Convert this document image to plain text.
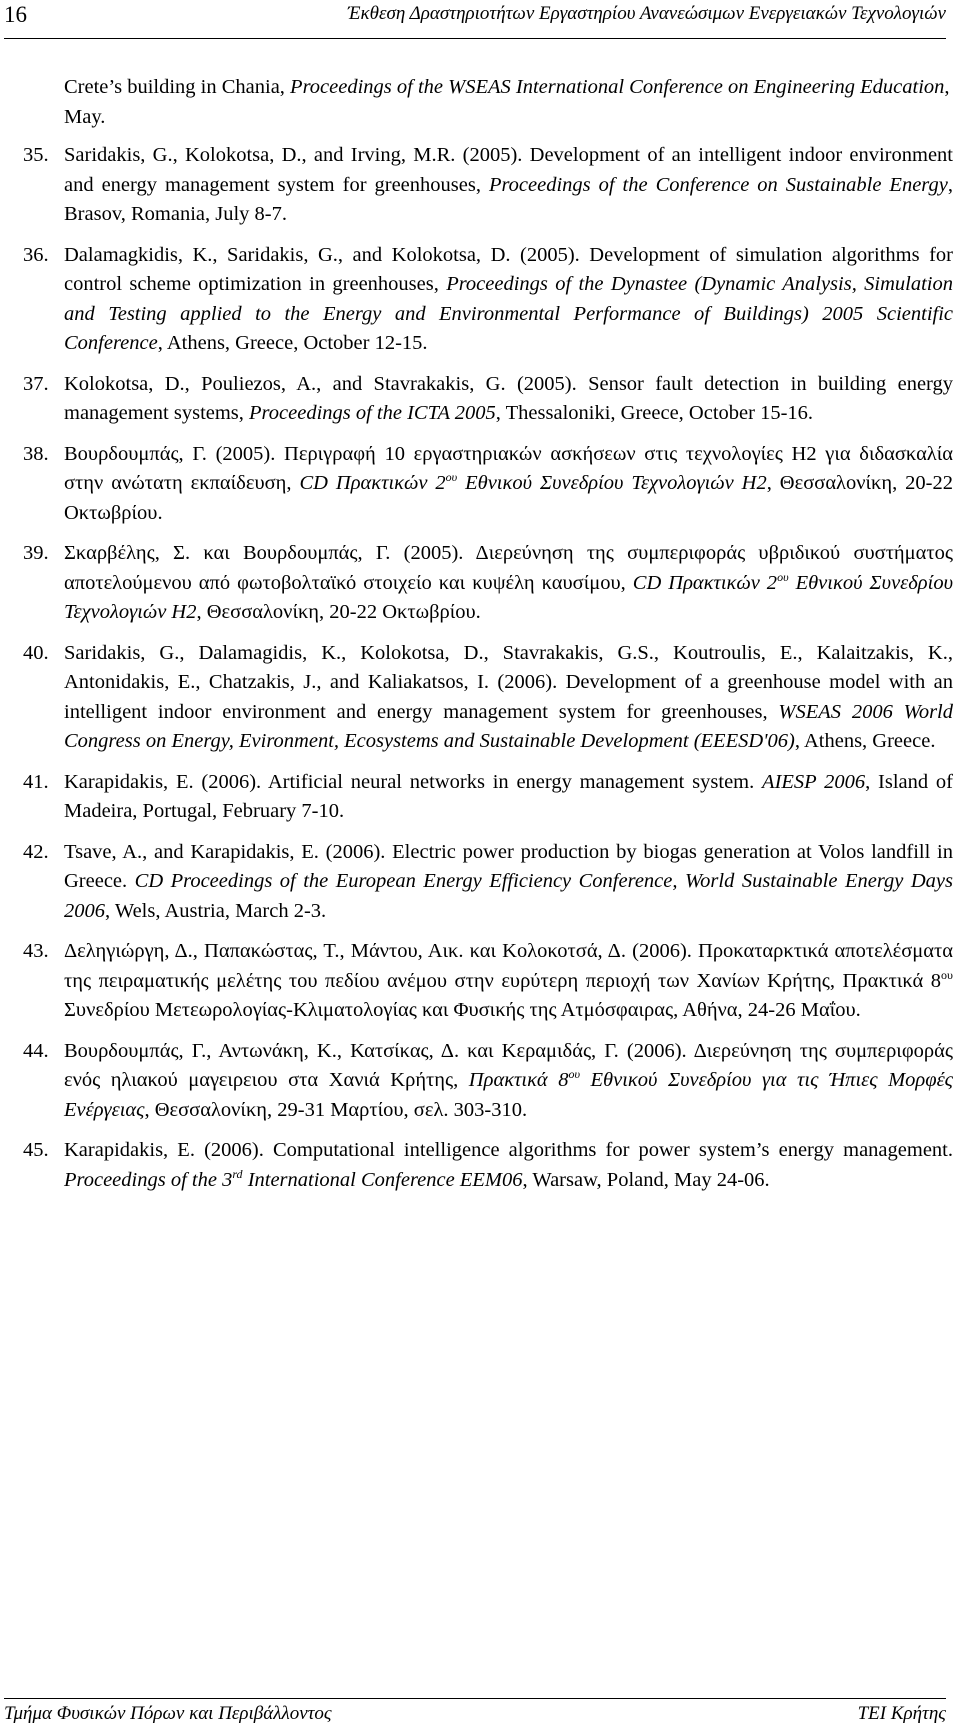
16	Έκθεση Δραστηριοτήτων Εργαστηρίου Ανανεώσιμων Ενεργειακών Τεχνολογιών

Crete’s building in Chania, Proceedings of the WSEAS International Conference on Engineering Education, May.

35. Saridakis, G., Kolokotsa, D., and Irving, M.R. (2005). Development of an intelligent indoor environment and energy management system for greenhouses, Proceedings of the Conference on Sustainable Energy, Brasov, Romania, July 8-7.
36. Dalamagkidis, K., Saridakis, G., and Kolokotsa, D. (2005). Development of simulation algorithms for control scheme optimization in greenhouses, Proceedings of the Dynastee (Dynamic Analysis, Simulation and Testing applied to the Energy and Environmental Performance of Buildings) 2005 Scientific Conference, Athens, Greece, October 12-15.
37. Kolokotsa, D., Pouliezos, A., and Stavrakakis, G. (2005). Sensor fault detection in building energy management systems, Proceedings of the ICTA 2005, Thessaloniki, Greece, October 15-16.
38. Βουρδουμπάς, Γ. (2005). Περιγραφή 10 εργαστηριακών ασκήσεων στις τεχνολογίες H2 για διδασκαλία στην ανώτατη εκπαίδευση, CD Πρακτικών $2^{o\upsilon}$ Εθνικού Συνεδρίου Τεχνολογιών H2, Θεσσαλονίκη, 20-22 Οκτωβρίου.
39. Σκαρβέλης, Σ. και Βουρδουμπάς, Γ. (2005). Διερεύνηση της συμπεριφοράς υβριδικού συστήματος αποτελούμενου από φωτοβολταϊκό στοιχείο και κυψέλη καυσίμου, CD Πρακτικών $2^{o\upsilon}$ Εθνικού Συνεδρίου Τεχνολογιών H2, Θεσσαλονίκη, 20-22 Οκτωβρίου.
40. Saridakis, G., Dalamagidis, K., Kolokotsa, D., Stavrakakis, G.S., Koutroulis, E., Kalaitzakis, K., Antonidakis, E., Chatzakis, J., and Kaliakatsos, I. (2006). Development of a greenhouse model with an intelligent indoor environment and energy management system for greenhouses, WSEAS 2006 World Congress on Energy, Evironment, Ecosystems and Sustainable Development (EEESD'06), Athens, Greece.
41. Karapidakis, E. (2006). Artificial neural networks in energy management system. AIESP 2006, Island of Madeira, Portugal, February 7-10.
42. Tsave, A., and Karapidakis, E. (2006). Electric power production by biogas generation at Volos landfill in Greece. CD Proceedings of the European Energy Efficiency Conference, World Sustainable Energy Days 2006, Wels, Austria, March 2-3.
43. Δεληγιώργη, Δ., Παπακώστας, Τ., Μάντου, Αικ. και Κολοκοτσά, Δ. (2006). Προκαταρκτικά αποτελέσματα της πειραματικής μελέτης του πεδίου ανέμου στην ευρύτερη περιοχή των Χανίων Κρήτης, Πρακτικά $8^{o\upsilon}$ Συνεδρίου Μετεωρολογίας-Κλιματολογίας και Φυσικής της Ατμόσφαιρας, Αθήνα, 24-26 Μαΐου.
44. Βουρδουμπάς, Γ., Αντωνάκη, Κ., Κατσίκας, Δ. και Κεραμιδάς, Γ. (2006). Διερεύνηση της συμπεριφοράς ενός ηλιακού μαγειρειου στα Χανιά Κρήτης, Πρακτικά $8^{o\upsilon}$ Εθνικού Συνεδρίου για τις Ήπιες Μορφές Ενέργειας, Θεσσαλονίκη, 29-31 Μαρτίου, σελ. 303-310.
45. Karapidakis, E. (2006). Computational intelligence algorithms for power system’s energy management. Proceedings of the 3rd International Conference EEM06, Warsaw, Poland, May 24-06.
Τμήμα Φυσικών Πόρων και Περιβάλλοντος	ΤΕΙ Κρήτης
